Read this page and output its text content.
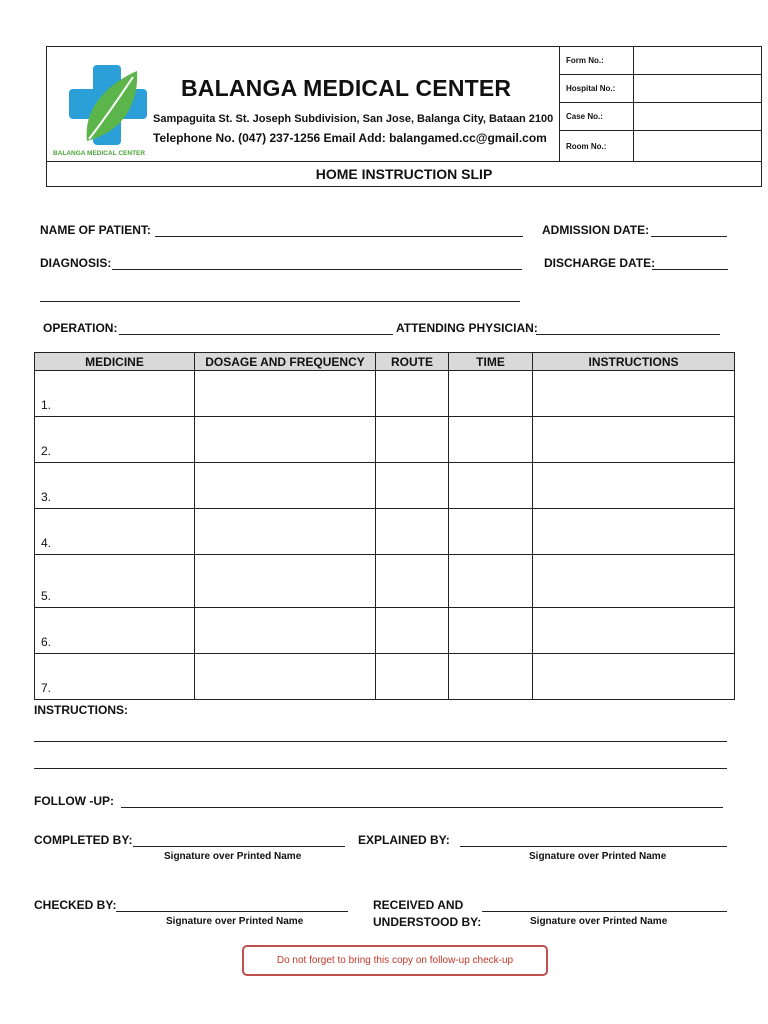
BALANGA MEDICAL CENTER
BALANGA MEDICAL CENTER
Sampaguita St. St. Joseph Subdivision, San Jose, Balanga City, Bataan 2100
Telephone No. (047) 237-1256 Email Add: balangamed.cc@gmail.com
Form No.:
Hospital No.:
Case No.:
Room No.:
HOME INSTRUCTION SLIP
NAME OF PATIENT:	ADMISSION DATE:
DIAGNOSIS:	DISCHARGE DATE:
OPERATION:	ATTENDING PHYSICIAN:
MEDICINE	DOSAGE AND FREQUENCY	ROUTE	TIME	INSTRUCTIONS
1.				
2.				
3.				
4.				
5.				
6.				
7.				
INSTRUCTIONS:
FOLLOW -UP:
COMPLETED BY:
Signature over Printed Name
EXPLAINED BY:
Signature over Printed Name
CHECKED BY:
Signature over Printed Name
RECEIVED AND
UNDERSTOOD BY:	Signature over Printed Name
Do not forget to bring this copy on follow-up check-up
